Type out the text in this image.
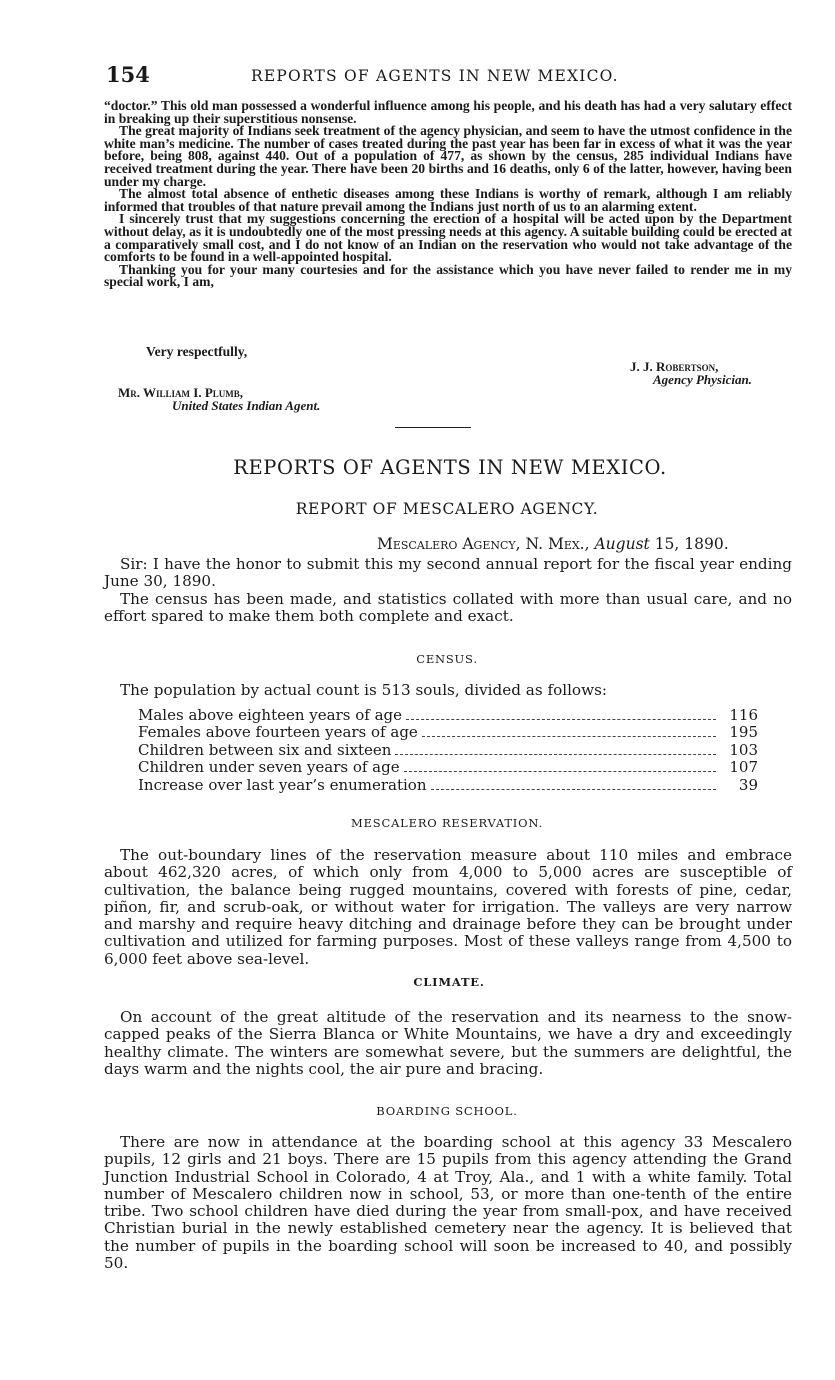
154	REPORTS OF AGENTS IN NEW MEXICO.

“doctor.” This old man possessed a wonderful influence among his people, and his death has had a very salutary effect in breaking up their superstitious nonsense.

The great majority of Indians seek treatment of the agency physician, and seem to have the utmost confidence in the white man’s medicine. The number of cases treated during the past year has been far in excess of what it was the year before, being 808, against 440. Out of a population of 477, as shown by the census, 285 individual Indians have received treatment during the year. There have been 20 births and 16 deaths, only 6 of the latter, however, having been under my charge.

The almost total absence of enthetic diseases among these Indians is worthy of remark, although I am reliably informed that troubles of that nature prevail among the Indians just north of us to an alarming extent.

I sincerely trust that my suggestions concerning the erection of a hospital will be acted upon by the Department without delay, as it is undoubtedly one of the most pressing needs at this agency. A suitable building could be erected at a comparatively small cost, and I do not know of an Indian on the reservation who would not take advantage of the comforts to be found in a well-appointed hospital.

Thanking you for your many courtesies and for the assistance which you have never failed to render me in my special work, I am,

Very respectfully,
J. J. Robertson,
Agency Physician.
Mr. William I. Plumb,
United States Indian Agent.
REPORTS OF AGENTS IN NEW MEXICO.
REPORT OF MESCALERO AGENCY.
Mescalero Agency, N. Mex., August 15, 1890.

Sir: I have the honor to submit this my second annual report for the fiscal year ending June 30, 1890.

The census has been made, and statistics collated with more than usual care, and no effort spared to make them both complete and exact.

CENSUS.
The population by actual count is 513 souls, divided as follows:
Males above eighteen years of age	116
Females above fourteen years of age	195
Children between six and sixteen	103
Children under seven years of age	107
Increase over last year’s enumeration	39
MESCALERO RESERVATION.

The out-boundary lines of the reservation measure about 110 miles and embrace about 462,320 acres, of which only from 4,000 to 5,000 acres are susceptible of cultivation, the balance being rugged mountains, covered with forests of pine, cedar, piñon, fir, and scrub-oak, or without water for irrigation. The valleys are very narrow and marshy and require heavy ditching and drainage before they can be brought under cultivation and utilized for farming purposes. Most of these valleys range from 4,500 to 6,000 feet above sea-level.

CLIMATE.

On account of the great altitude of the reservation and its nearness to the snow-capped peaks of the Sierra Blanca or White Mountains, we have a dry and exceedingly healthy climate. The winters are somewhat severe, but the summers are delightful, the days warm and the nights cool, the air pure and bracing.

BOARDING SCHOOL.

There are now in attendance at the boarding school at this agency 33 Mescalero pupils, 12 girls and 21 boys. There are 15 pupils from this agency attending the Grand Junction Industrial School in Colorado, 4 at Troy, Ala., and 1 with a white family. Total number of Mescalero children now in school, 53, or more than one-tenth of the entire tribe. Two school children have died during the year from small-pox, and have received Christian burial in the newly established cemetery near the agency. It is believed that the number of pupils in the boarding school will soon be increased to 40, and possibly 50.
